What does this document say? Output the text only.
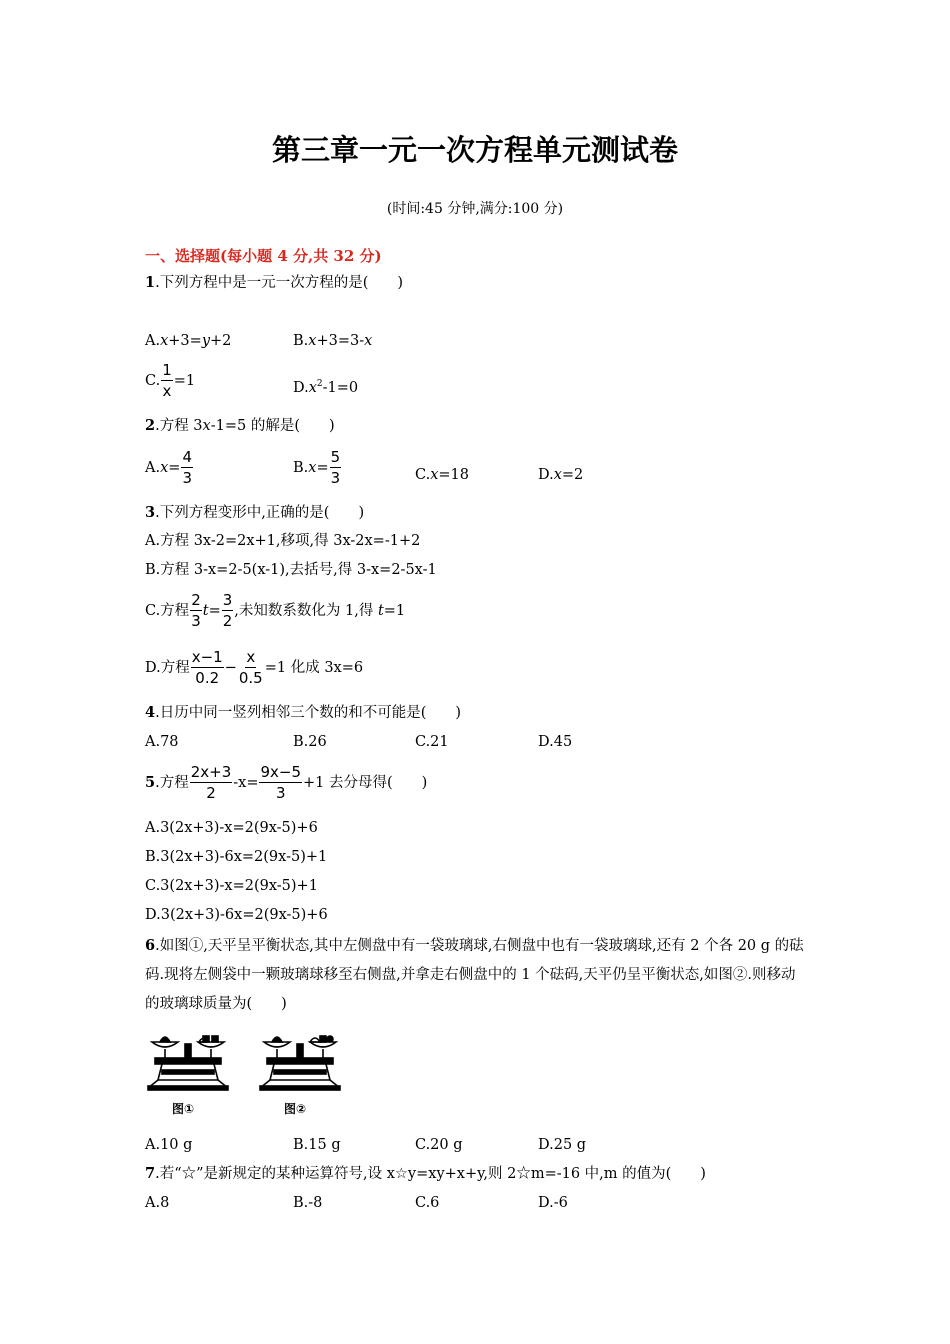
第三章一元一次方程单元测试卷
(时间:45 分钟,满分:100 分)
一、选择题(每小题 4 分,共 32 分)
1.下列方程中是一元一次方程的是(　　)
A.x+3=y+2	B.x+3=3-x
C. $\frac{1}{x} =1$	$D.x^2-1=0$
2.方程 3x-1=5 的解是(　　)
$A.x= \frac{4}{3}$	$B.x= \frac{5}{3}$	C.x=18	D.x=2
3.下列方程变形中,正确的是(　　)
A.方程 3x-2=2x+1,移项,得 3x-2x=-1+2
B.方程 3-x=2-5(x-1),去括号,得 3-x=2-5x-1
C.方程 $\frac{2}{3} t= \frac{3}{2}$ ,未知数系数化为 1,得 t=1
D.方程 $\frac{x-1}{0.2} - \frac{x}{0.5} =1$ 化成 3x=6
4.日历中同一竖列相邻三个数的和不可能是(　　)
A.78	B.26	C.21	D.45
5.方程 $\frac{2x+3}{2} -x= \frac{9x-5}{3} +1$ 去分母得(　　)
A.3(2x+3)-x=2(9x-5)+6
B.3(2x+3)-6x=2(9x-5)+1
C.3(2x+3)-x=2(9x-5)+1
D.3(2x+3)-6x=2(9x-5)+6
6.如图①,天平呈平衡状态,其中左侧盘中有一袋玻璃球,右侧盘中也有一袋玻璃球,还有 2 个各 20 g 的砝码.现将左侧袋中一颗玻璃球移至右侧盘,并拿走右侧盘中的 1 个砝码,天平仍呈平衡状态,如图②.则移动的玻璃球质量为(　　)
图①	图②
A.10 g	B.15 g	C.20 g	D.25 g
7.若“☆”是新规定的某种运算符号,设 x☆y=xy+x+y,则 2☆m=-16 中,m 的值为(　　)
A.8	B.-8	C.6	D.-6
